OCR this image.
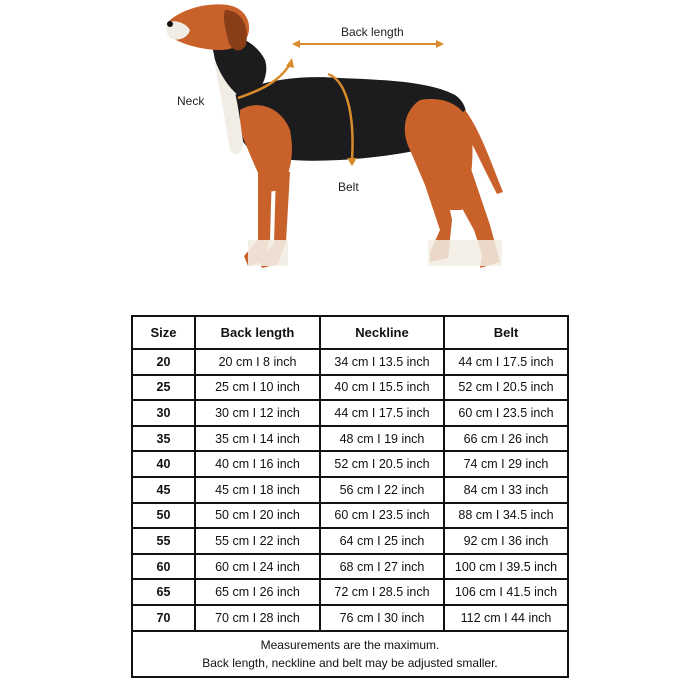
Back length
Neck
Belt
Size	Back length	Neckline	Belt
20	20 cm I 8 inch	34 cm I 13.5 inch	44 cm I 17.5 inch
25	25 cm I 10 inch	40 cm I 15.5 inch	52 cm I 20.5 inch
30	30 cm I 12 inch	44 cm I 17.5 inch	60 cm I 23.5 inch
35	35 cm I 14 inch	48 cm I 19 inch	66 cm I 26 inch
40	40 cm I 16 inch	52 cm I 20.5 inch	74 cm I 29 inch
45	45 cm I 18 inch	56 cm I 22 inch	84 cm I 33 inch
50	50 cm I 20 inch	60 cm I 23.5 inch	88 cm I 34.5 inch
55	55 cm I 22 inch	64 cm I 25 inch	92 cm I 36 inch
60	60 cm I 24 inch	68 cm I 27 inch	100 cm I 39.5 inch
65	65 cm I 26 inch	72 cm I 28.5 inch	106 cm I 41.5 inch
70	70 cm I 28 inch	76 cm I 30 inch	112 cm I 44 inch

Measurements are the maximum.
Back length, neckline and belt may be adjusted smaller.			
